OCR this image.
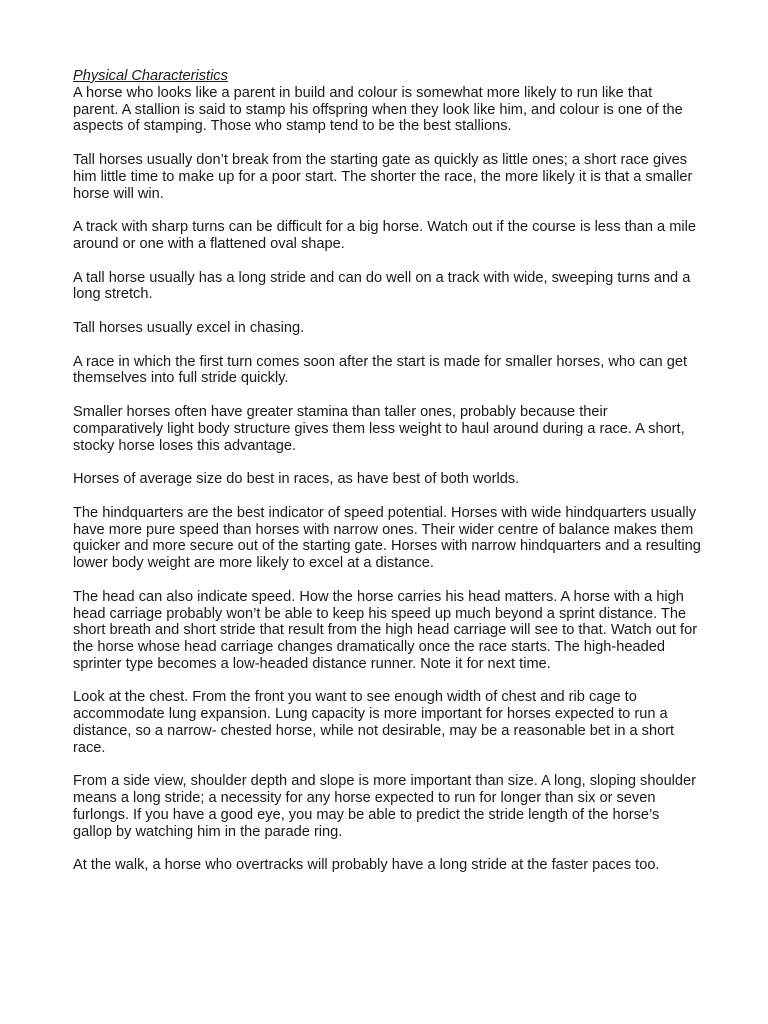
Physical Characteristics

A horse who looks like a parent in build and colour is somewhat more likely to run like that parent. A stallion is said to stamp his offspring when they look like him, and colour is one of the aspects of stamping. Those who stamp tend to be the best stallions.

Tall horses usually don’t break from the starting gate as quickly as little ones; a short race gives him little time to make up for a poor start. The shorter the race, the more likely it is that a smaller horse will win.

A track with sharp turns can be difficult for a big horse. Watch out if the course is less than a mile around or one with a flattened oval shape.

A tall horse usually has a long stride and can do well on a track with wide, sweeping turns and a long stretch.

Tall horses usually excel in chasing.

A race in which the first turn comes soon after the start is made for smaller horses, who can get themselves into full stride quickly.

Smaller horses often have greater stamina than taller ones, probably because their comparatively light body structure gives them less weight to haul around during a race. A short, stocky horse loses this advantage.

Horses of average size do best in races, as have best of both worlds.

The hindquarters are the best indicator of speed potential. Horses with wide hindquarters usually have more pure speed than horses with narrow ones. Their wider centre of balance makes them quicker and more secure out of the starting gate. Horses with narrow hindquarters and a resulting lower body weight are more likely to excel at a distance.

The head can also indicate speed. How the horse carries his head matters. A horse with a high head carriage probably won’t be able to keep his speed up much beyond a sprint distance. The short breath and short stride that result from the high head carriage will see to that. Watch out for the horse whose head carriage changes dramatically once the race starts. The high-headed sprinter type becomes a low-headed distance runner. Note it for next time.

Look at the chest. From the front you want to see enough width of chest and rib cage to accommodate lung expansion. Lung capacity is more important for horses expected to run a distance, so a narrow- chested horse, while not desirable, may be a reasonable bet in a short race.

From a side view, shoulder depth and slope is more important than size. A long, sloping shoulder means a long stride; a necessity for any horse expected to run for longer than six or seven furlongs. If you have a good eye, you may be able to predict the stride length of the horse’s gallop by watching him in the parade ring.

At the walk, a horse who overtracks will probably have a long stride at the faster paces too.
